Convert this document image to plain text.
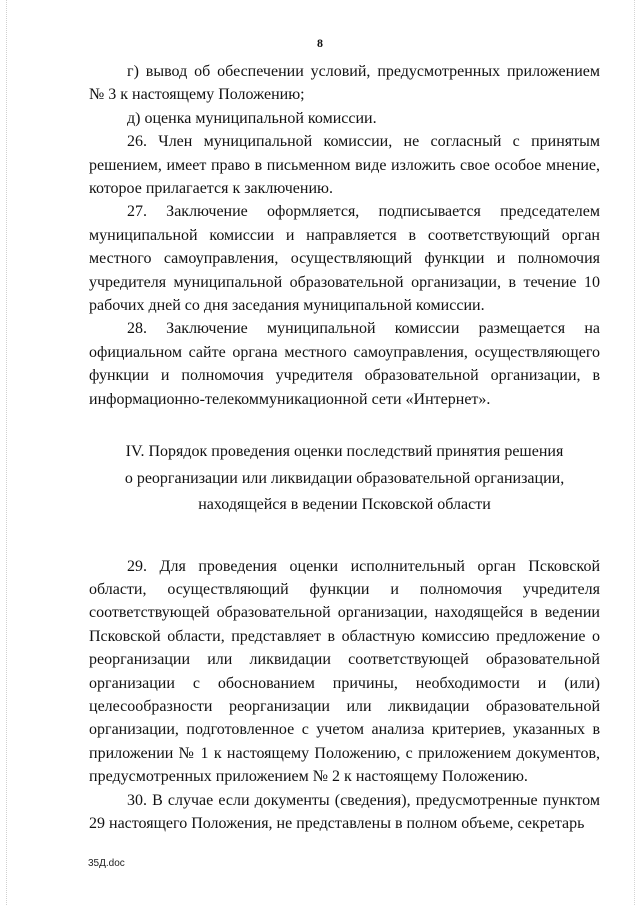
8

г) вывод об обеспечении условий, предусмотренных приложением № 3 к настоящему Положению;

д) оценка муниципальной комиссии.

26. Член муниципальной комиссии, не согласный с принятым решением, имеет право в письменном виде изложить свое особое мнение, которое прилагается к заключению.

27. Заключение оформляется, подписывается председателем муниципальной комиссии и направляется в соответствующий орган местного самоуправления, осуществляющий функции и полномочия учредителя муниципальной образовательной организации, в течение 10 рабочих дней со дня заседания муниципальной комиссии.

28. Заключение муниципальной комиссии размещается на официальном сайте органа местного самоуправления, осуществляющего функции и полномочия учредителя образовательной организации, в информационно-телекоммуникационной сети «Интернет».

IV. Порядок проведения оценки последствий принятия решения
о реорганизации или ликвидации образовательной организации,
находящейся в ведении Псковской области

29. Для проведения оценки исполнительный орган Псковской области, осуществляющий функции и полномочия учредителя соответствующей образовательной организации, находящейся в ведении Псковской области, представляет в областную комиссию предложение о реорганизации или ликвидации соответствующей образовательной организации с обоснованием причины, необходимости и (или) целесообразности реорганизации или ликвидации образовательной организации, подготовленное с учетом анализа критериев, указанных в приложении № 1 к настоящему Положению, с приложением документов, предусмотренных приложением № 2 к настоящему Положению.

30. В случае если документы (сведения), предусмотренные пунктом 29 настоящего Положения, не представлены в полном объеме, секретарь

35Д.doc
